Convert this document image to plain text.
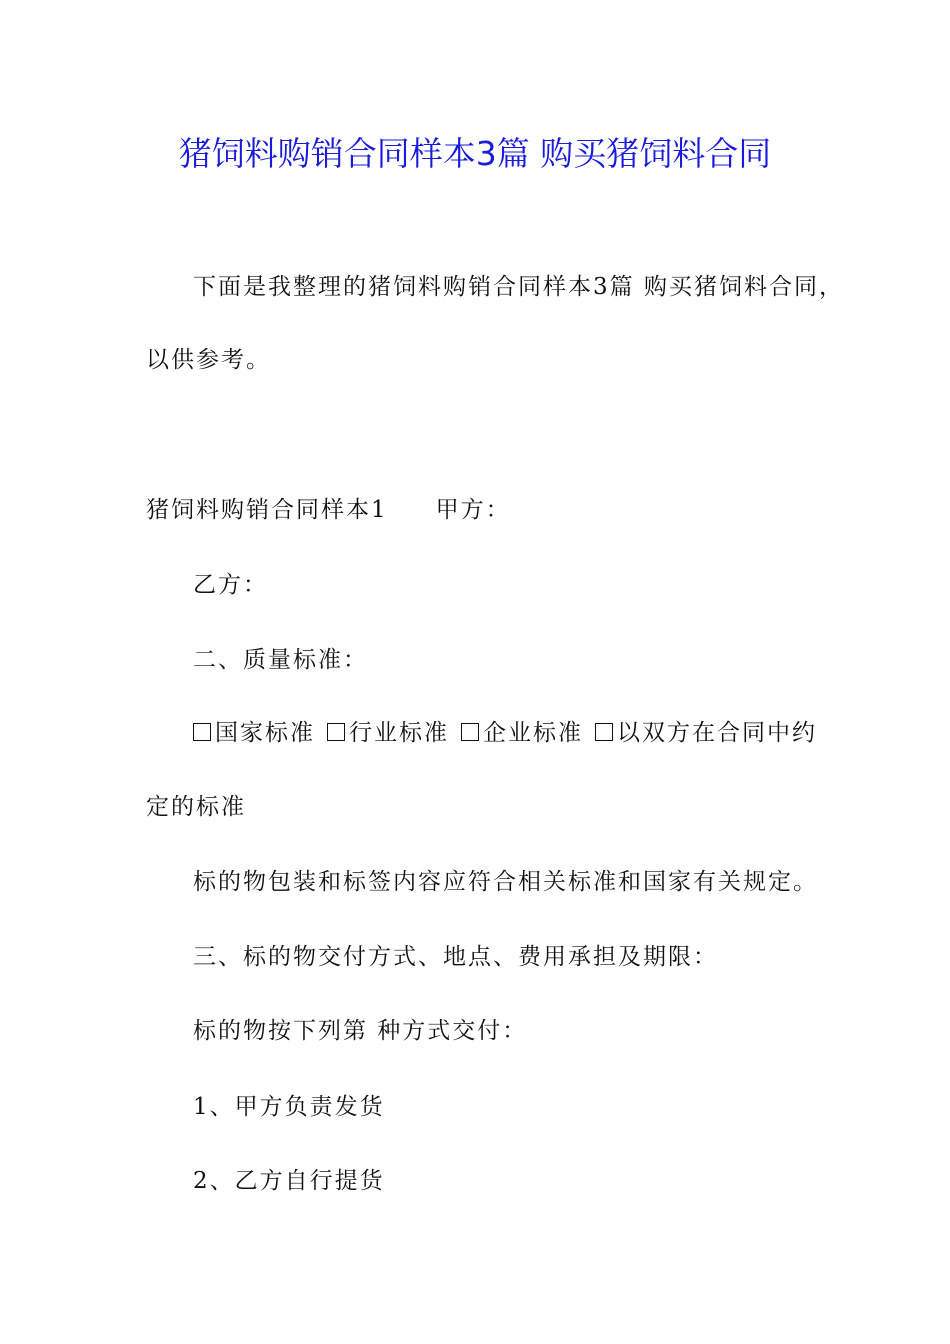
猪饲料购销合同样本3篇 购买猪饲料合同
下面是我整理的猪饲料购销合同样本3篇 购买猪饲料合同，
以供参考。
猪饲料购销合同样本1 甲方：
乙方：
二、质量标准：
国家标准 行业标准 企业标准 以双方在合同中约
定的标准
标的物包装和标签内容应符合相关标准和国家有关规定。
三、标的物交付方式、地点、费用承担及期限：
标的物按下列第 种方式交付：
1、甲方负责发货
2、乙方自行提货
